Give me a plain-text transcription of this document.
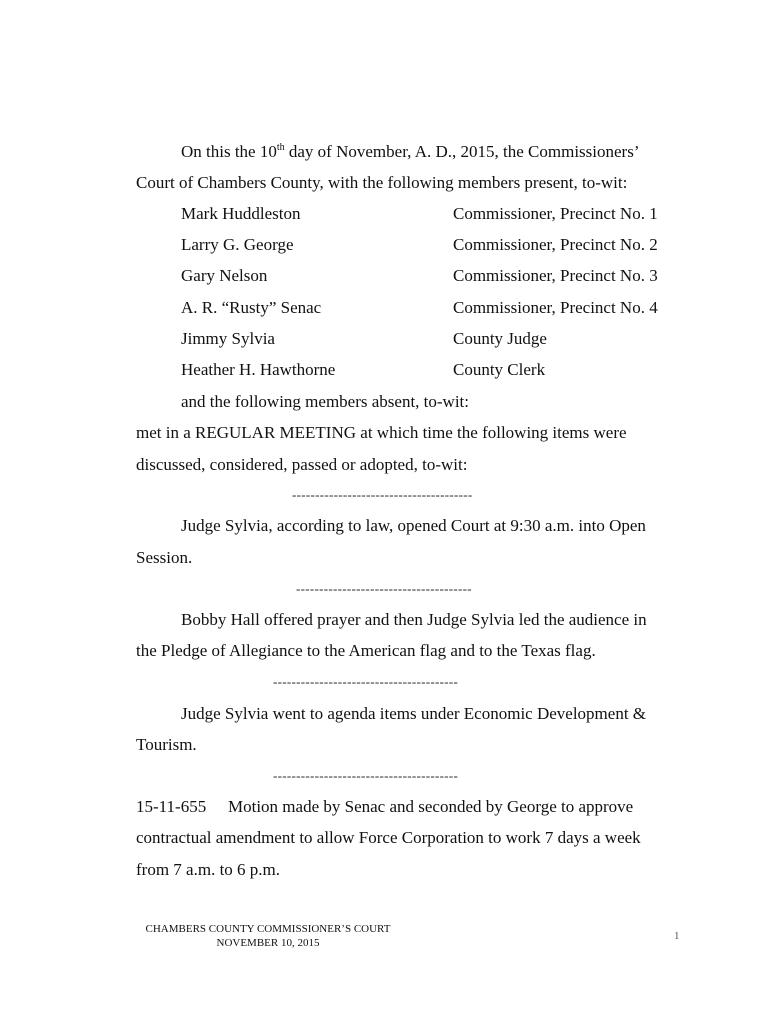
On this the 10th day of November, A. D., 2015, the Commissioners’
Court of Chambers County, with the following members present, to-wit:
Mark Huddleston	Commissioner, Precinct No. 1
Larry G. George	Commissioner, Precinct No. 2
Gary Nelson	Commissioner, Precinct No. 3
A. R. “Rusty” Senac	Commissioner, Precinct No. 4
Jimmy Sylvia	County Judge
Heather H. Hawthorne	County Clerk
and the following members absent, to-wit:
met in a REGULAR MEETING at which time the following items were
discussed, considered, passed or adopted, to-wit:
---------------------------------------
Judge Sylvia, according to law, opened Court at 9:30 a.m. into Open
Session.
--------------------------------------
Bobby Hall offered prayer and then Judge Sylvia led the audience in
the Pledge of Allegiance to the American flag and to the Texas flag.
----------------------------------------
Judge Sylvia went to agenda items under Economic Development &
Tourism.
----------------------------------------
15-11-655 Motion made by Senac and seconded by George to approve
contractual amendment to allow Force Corporation to work 7 days a week
from 7 a.m. to 6 p.m.
CHAMBERS COUNTY COMMISSIONER’S COURT
NOVEMBER 10, 2015
1
